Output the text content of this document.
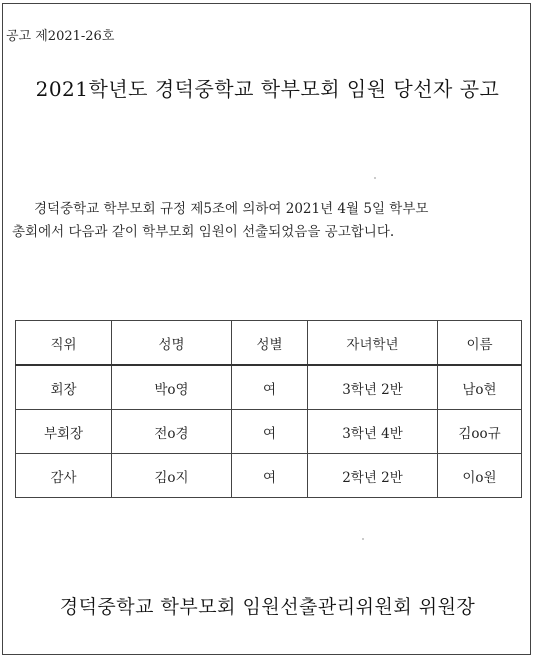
공고 제2021-26호
2021학년도 경덕중학교 학부모회 임원 당선자 공고
경덕중학교 학부모회 규정 제5조에 의하여 2021년 4월 5일 학부모
총회에서 다음과 같이 학부모회 임원이 선출되었음을 공고합니다.
직위	성명	성별	자녀학년	이름
회장	박o영	여	3학년 2반	남o현
부회장	전o경	여	3학년 4반	김oo규
감사	김o지	여	2학년 2반	이o원
경덕중학교 학부모회 임원선출관리위원회 위원장
